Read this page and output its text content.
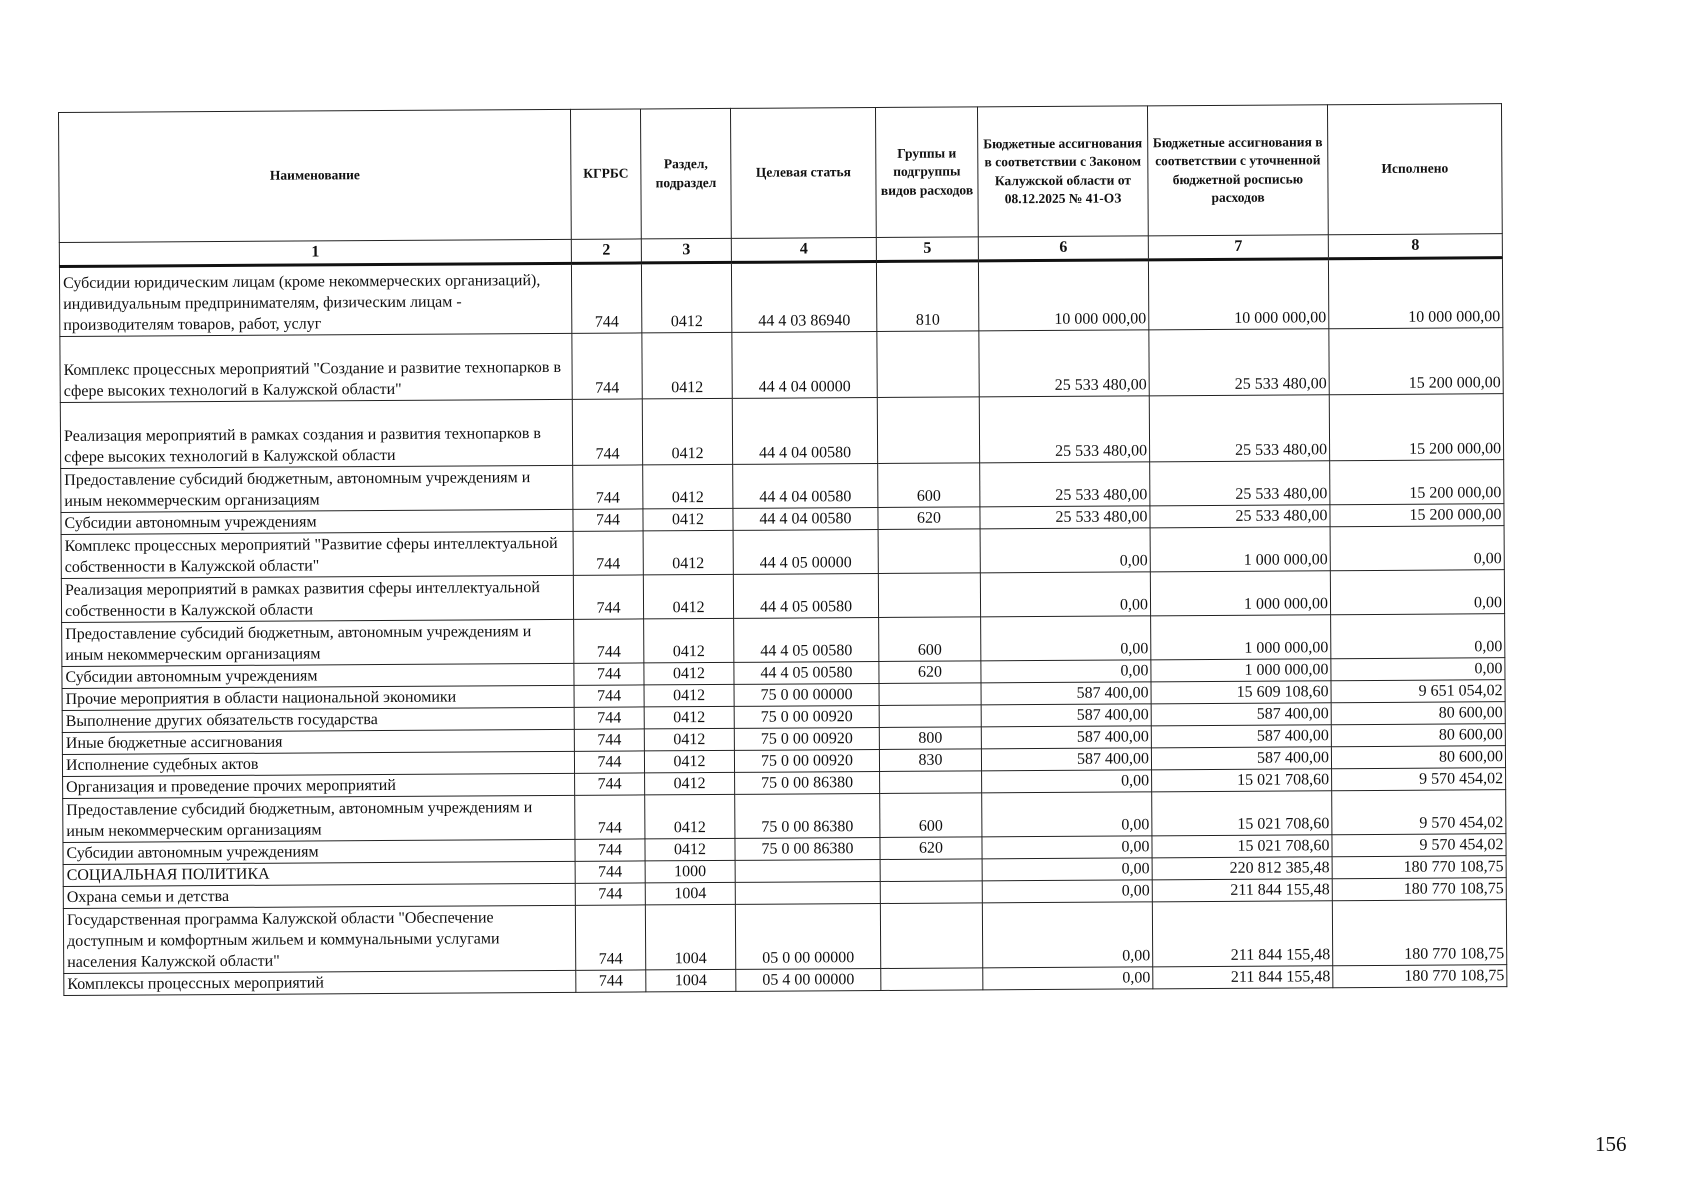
Наименование	КГРБС	Раздел, подраздел	Целевая статья	Группы и подгруппы видов расходов	Бюджетные ассигнования в соответствии с Законом Калужской области от 08.12.2025 № 41-ОЗ	Бюджетные ассигнования в соответствии с уточненной бюджетной росписью расходов	Исполнено
1	2	3	4	5	6	7	8
Субсидии юридическим лицам (кроме некоммерческих организаций), индивидуальным предпринимателям, физическим лицам - производителям товаров, работ, услуг	744	0412	44 4 03 86940	810	10 000 000,00	10 000 000,00	10 000 000,00
Комплекс процессных мероприятий "Создание и развитие технопарков в сфере высоких технологий в Калужской области"	744	0412	44 4 04 00000		25 533 480,00	25 533 480,00	15 200 000,00
Реализация мероприятий в рамках создания и развития технопарков в сфере высоких технологий в Калужской области	744	0412	44 4 04 00580		25 533 480,00	25 533 480,00	15 200 000,00
Предоставление субсидий бюджетным, автономным учреждениям и иным некоммерческим организациям	744	0412	44 4 04 00580	600	25 533 480,00	25 533 480,00	15 200 000,00
Субсидии автономным учреждениям	744	0412	44 4 04 00580	620	25 533 480,00	25 533 480,00	15 200 000,00
Комплекс процессных мероприятий "Развитие сферы интеллектуальной собственности в Калужской области"	744	0412	44 4 05 00000		0,00	1 000 000,00	0,00
Реализация мероприятий в рамках развития сферы интеллектуальной собственности в Калужской области	744	0412	44 4 05 00580		0,00	1 000 000,00	0,00
Предоставление субсидий бюджетным, автономным учреждениям и иным некоммерческим организациям	744	0412	44 4 05 00580	600	0,00	1 000 000,00	0,00
Субсидии автономным учреждениям	744	0412	44 4 05 00580	620	0,00	1 000 000,00	0,00
Прочие мероприятия в области национальной экономики	744	0412	75 0 00 00000		587 400,00	15 609 108,60	9 651 054,02
Выполнение других обязательств государства	744	0412	75 0 00 00920		587 400,00	587 400,00	80 600,00
Иные бюджетные ассигнования	744	0412	75 0 00 00920	800	587 400,00	587 400,00	80 600,00
Исполнение судебных актов	744	0412	75 0 00 00920	830	587 400,00	587 400,00	80 600,00
Организация и проведение прочих мероприятий	744	0412	75 0 00 86380		0,00	15 021 708,60	9 570 454,02
Предоставление субсидий бюджетным, автономным учреждениям и иным некоммерческим организациям	744	0412	75 0 00 86380	600	0,00	15 021 708,60	9 570 454,02
Субсидии автономным учреждениям	744	0412	75 0 00 86380	620	0,00	15 021 708,60	9 570 454,02
СОЦИАЛЬНАЯ ПОЛИТИКА	744	1000			0,00	220 812 385,48	180 770 108,75
Охрана семьи и детства	744	1004			0,00	211 844 155,48	180 770 108,75
Государственная программа Калужской области "Обеспечение доступным и комфортным жильем и коммунальными услугами населения Калужской области"	744	1004	05 0 00 00000		0,00	211 844 155,48	180 770 108,75
Комплексы процессных мероприятий	744	1004	05 4 00 00000		0,00	211 844 155,48	180 770 108,75
156
